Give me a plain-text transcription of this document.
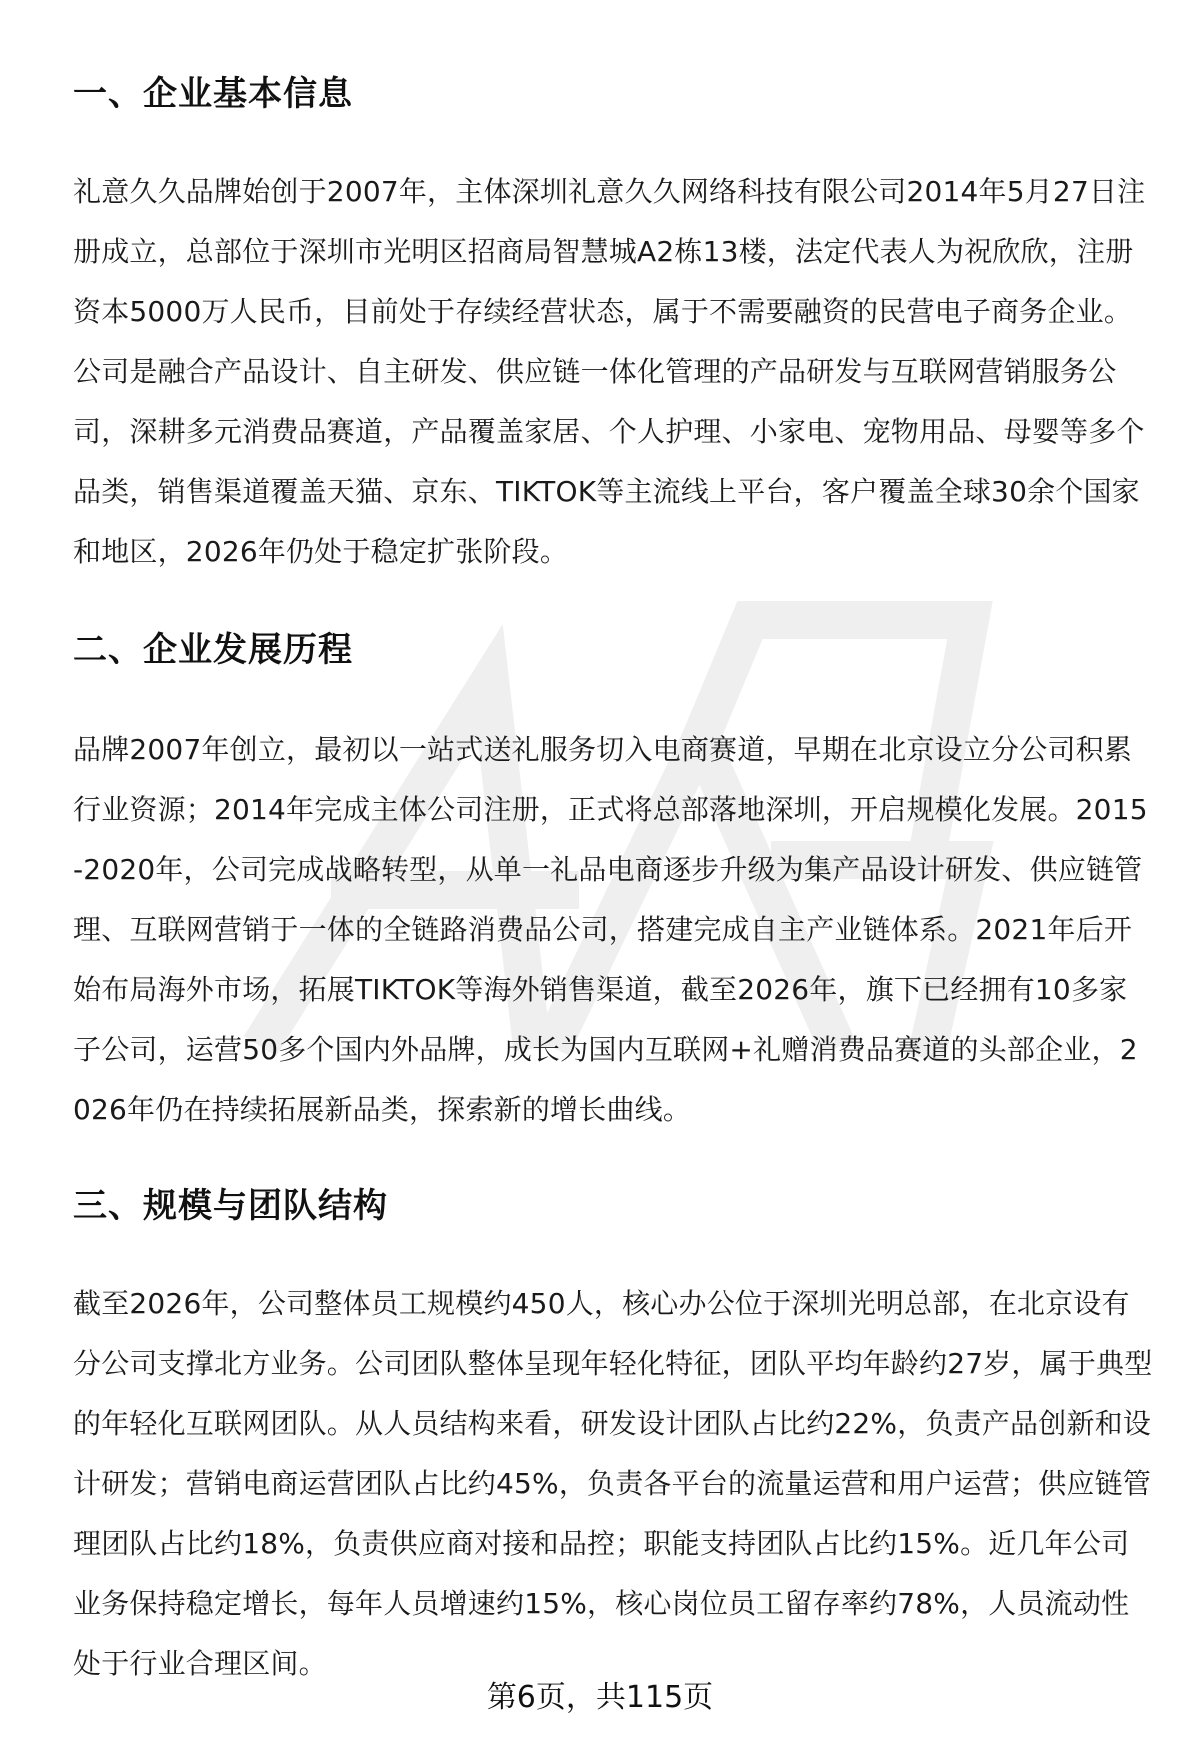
一、企业基本信息

礼意久久品牌始创于2007年，主体深圳礼意久久网络科技有限公司2014年5月27日注册成立，总部位于深圳市光明区招商局智慧城A2栋13楼，法定代表人为祝欣欣，注册资本5000万人民币，目前处于存续经营状态，属于不需要融资的民营电子商务企业。公司是融合产品设计、自主研发、供应链一体化管理的产品研发与互联网营销服务公司，深耕多元消费品赛道，产品覆盖家居、个人护理、小家电、宠物用品、母婴等多个品类，销售渠道覆盖天猫、京东、TIKTOK等主流线上平台，客户覆盖全球30余个国家和地区，2026年仍处于稳定扩张阶段。

二、企业发展历程

品牌2007年创立，最初以一站式送礼服务切入电商赛道，早期在北京设立分公司积累行业资源；2014年完成主体公司注册，正式将总部落地深圳，开启规模化发展。2015-2020年，公司完成战略转型，从单一礼品电商逐步升级为集产品设计研发、供应链管理、互联网营销于一体的全链路消费品公司，搭建完成自主产业链体系。2021年后开始布局海外市场，拓展TIKTOK等海外销售渠道，截至2026年，旗下已经拥有10多家子公司，运营50多个国内外品牌，成长为国内互联网+礼赠消费品赛道的头部企业，2026年仍在持续拓展新品类，探索新的增长曲线。

三、规模与团队结构

截至2026年，公司整体员工规模约450人，核心办公位于深圳光明总部，在北京设有分公司支撑北方业务。公司团队整体呈现年轻化特征，团队平均年龄约27岁，属于典型的年轻化互联网团队。从人员结构来看，研发设计团队占比约22%，负责产品创新和设计研发；营销电商运营团队占比约45%，负责各平台的流量运营和用户运营；供应链管理团队占比约18%，负责供应商对接和品控；职能支持团队占比约15%。近几年公司业务保持稳定增长，每年人员增速约15%，核心岗位员工留存率约78%，人员流动性处于行业合理区间。

第6页，共115页
